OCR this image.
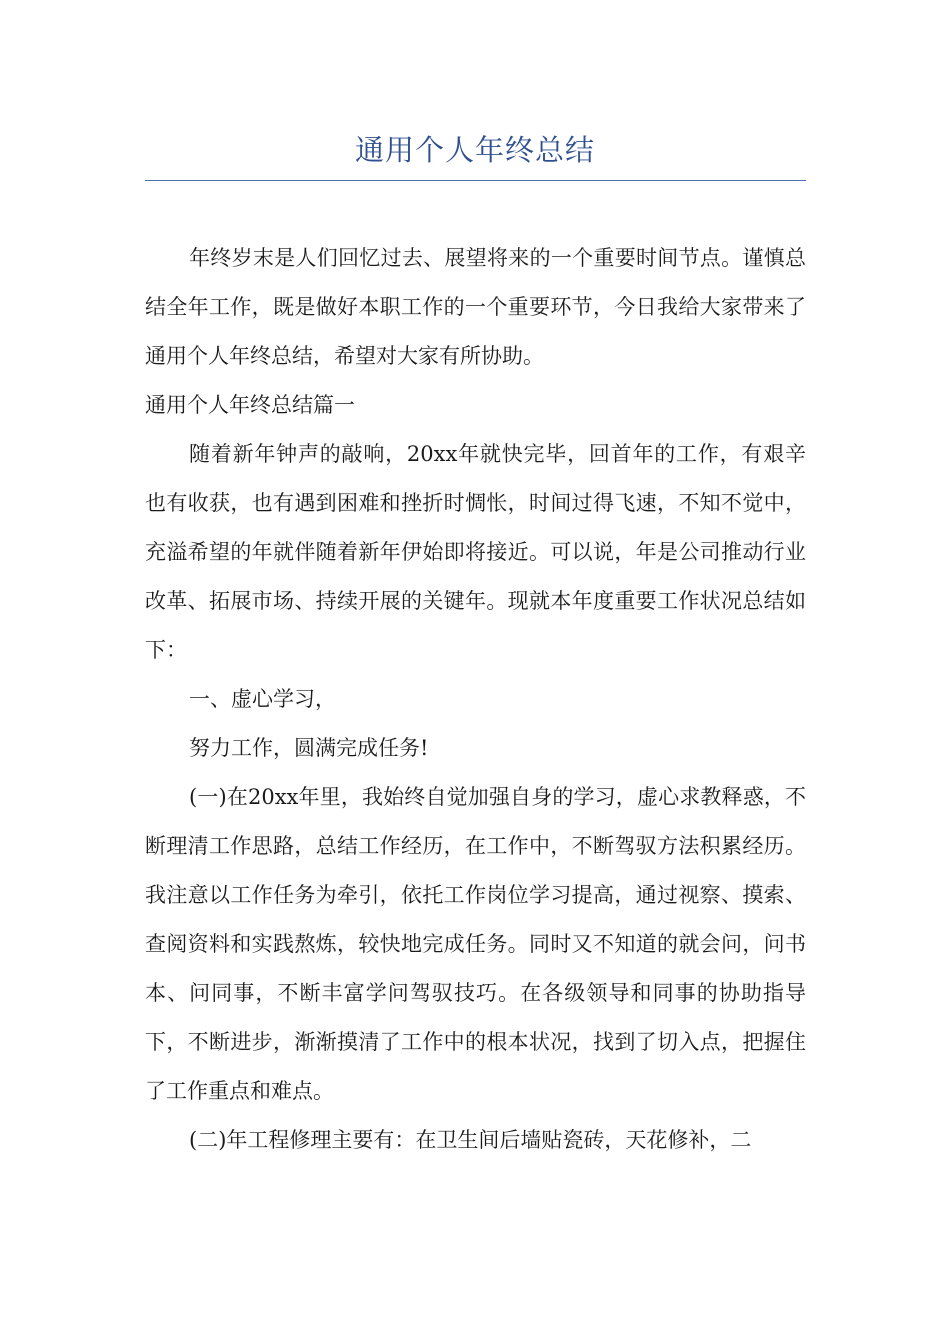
通用个人年终总结

年终岁末是人们回忆过去、展望将来的一个重要时间节点。谨慎总结全年工作，既是做好本职工作的一个重要环节，今日我给大家带来了通用个人年终总结，希望对大家有所协助。

通用个人年终总结篇一

随着新年钟声的敲响，20xx年就快完毕，回首年的工作，有艰辛也有收获，也有遇到困难和挫折时惆怅，时间过得飞速，不知不觉中，充溢希望的年就伴随着新年伊始即将接近。可以说，年是公司推动行业改革、拓展市场、持续开展的关键年。现就本年度重要工作状况总结如下：

一、虚心学习，

努力工作，圆满完成任务!

(一)在20xx年里，我始终自觉加强自身的学习，虚心求教释惑，不断理清工作思路，总结工作经历，在工作中，不断驾驭方法积累经历。我注意以工作任务为牵引，依托工作岗位学习提高，通过视察、摸索、查阅资料和实践熬炼，较快地完成任务。同时又不知道的就会问，问书本、问同事，不断丰富学问驾驭技巧。在各级领导和同事的协助指导下，不断进步，渐渐摸清了工作中的根本状况，找到了切入点，把握住了工作重点和难点。

(二)年工程修理主要有：在卫生间后墙贴瓷砖，天花修补，二
